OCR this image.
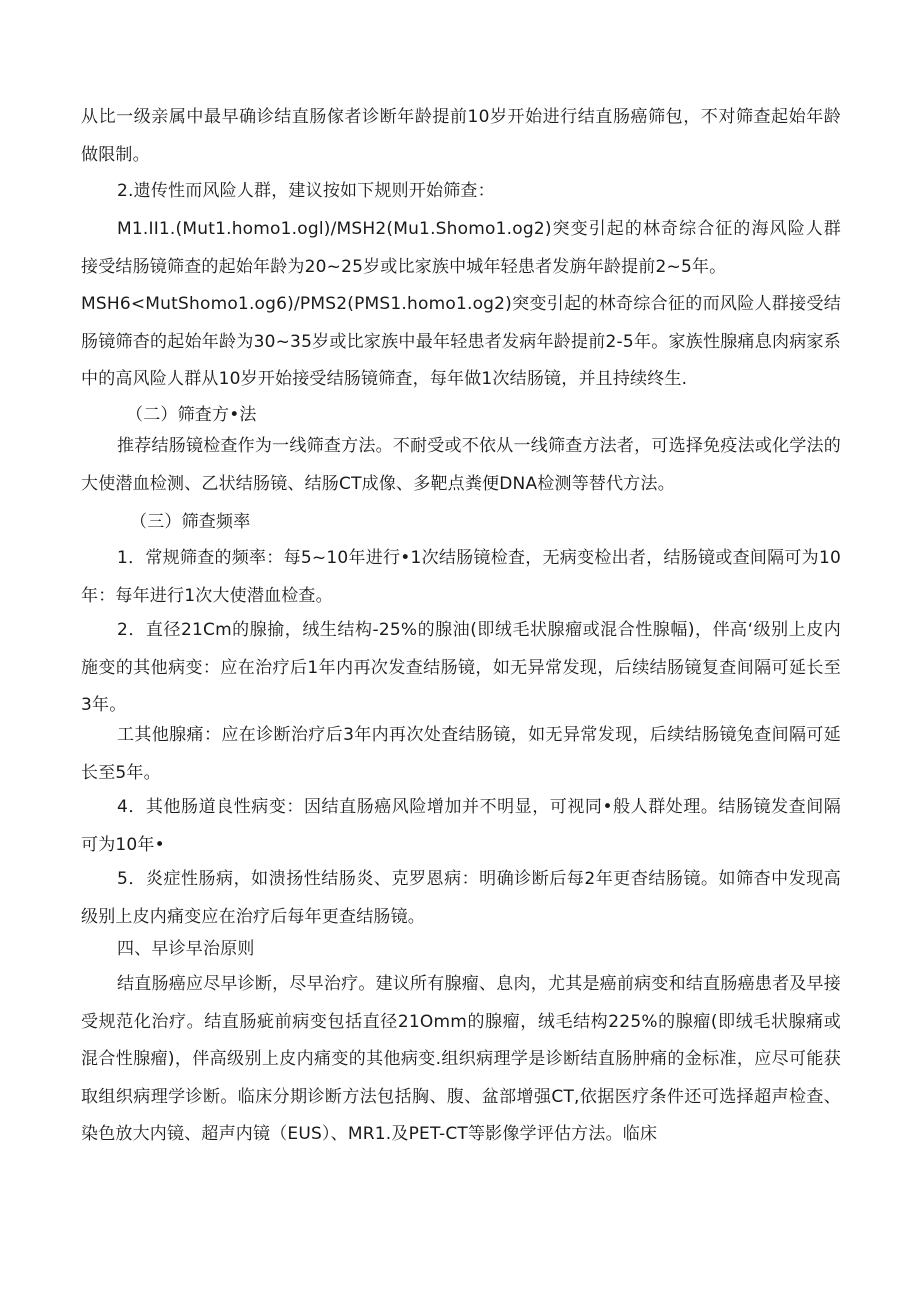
从比一级亲属中最早确诊结直肠傢者诊断年龄提前10岁开始进行结直肠癌筛包，不对筛查起始年龄做限制。

2.遗传性而风险人群，建议按如下规则开始筛查：

M1.II1.(Mut1.homo1.ogl)/MSH2(Mu1.Shomo1.og2)突变引起的林奇综合征的海风险人群接受结肠镜筛查的起始年龄为20~25岁或比家族中城年轻患者发旃年龄提前2~5年。

MSH6<MutShomo1.og6)/PMS2(PMS1.homo1.og2)突变引起的林奇综合征的而风险人群接受结肠镜筛杳的起始年龄为30~35岁或比家族中最年轻患者发病年龄提前2-5年。家族性腺痛息肉病家系中的高风险人群从10岁开始接受结肠镜筛査，每年做1次结肠镜，并且持续终生.

（二）筛査方•法

推荐结肠镜检查作为一线筛查方法。不耐受或不依从一线筛查方法者，可选择免疫法或化学法的大使潜血检测、乙状结肠镜、结肠CT成像、多靶点粪便DNA检测等替代方法。

（三）筛查频率

1．常规筛查的频率：每5~10年进行•1次结肠镜检査，无病变检出者，结肠镜或查间隔可为10年：每年进行1次大使潜血检查。

2．直径21Cm的腺揄，绒生结构-25%的腺油(即绒毛状腺瘤或混合性腺幅)，伴高‘级别上皮内施变的其他病变：应在治疗后1年内再次发查结肠镜，如无异常发现，后续结肠镜复查间隔可延长至3年。

工其他腺痛：应在诊断治疗后3年内再次处査结肠镜，如无异常发现，后续结肠镜兔查间隔可延长至5年。

4．其他肠道良性病变：因结直肠癌风险增加并不明显，可视同•般人群处理。结肠镜发查间隔可为10年•

5．炎症性肠病，如溃扬性结肠炎、克罗恩病：明确诊断后每2年更杳结肠镜。如筛杳中发现高级别上皮内痛变应在治疗后每年更查结肠镜。

四、早诊早治原则

结直肠癌应尽早诊断，尽早治疗。建议所有腺瘤、息肉，尤其是癌前病变和结直肠癌患者及早接受规范化治疗。结直肠疵前病变包括直径21Omm的腺瘤，绒毛结构225%的腺瘤(即绒毛状腺痛或混合性腺瘤)，伴高级别上皮内痛变的其他病变.组织病理学是诊断结直肠肿痛的金标准，应尽可能获取组织病理学诊断。临床分期诊断方法包括胸、腹、盆部增强CT,依据医疗条件还可选择超声检查、染色放大内镜、超声内镜（EUS）、MR1.及PET-CT等影像学评估方法。临床
